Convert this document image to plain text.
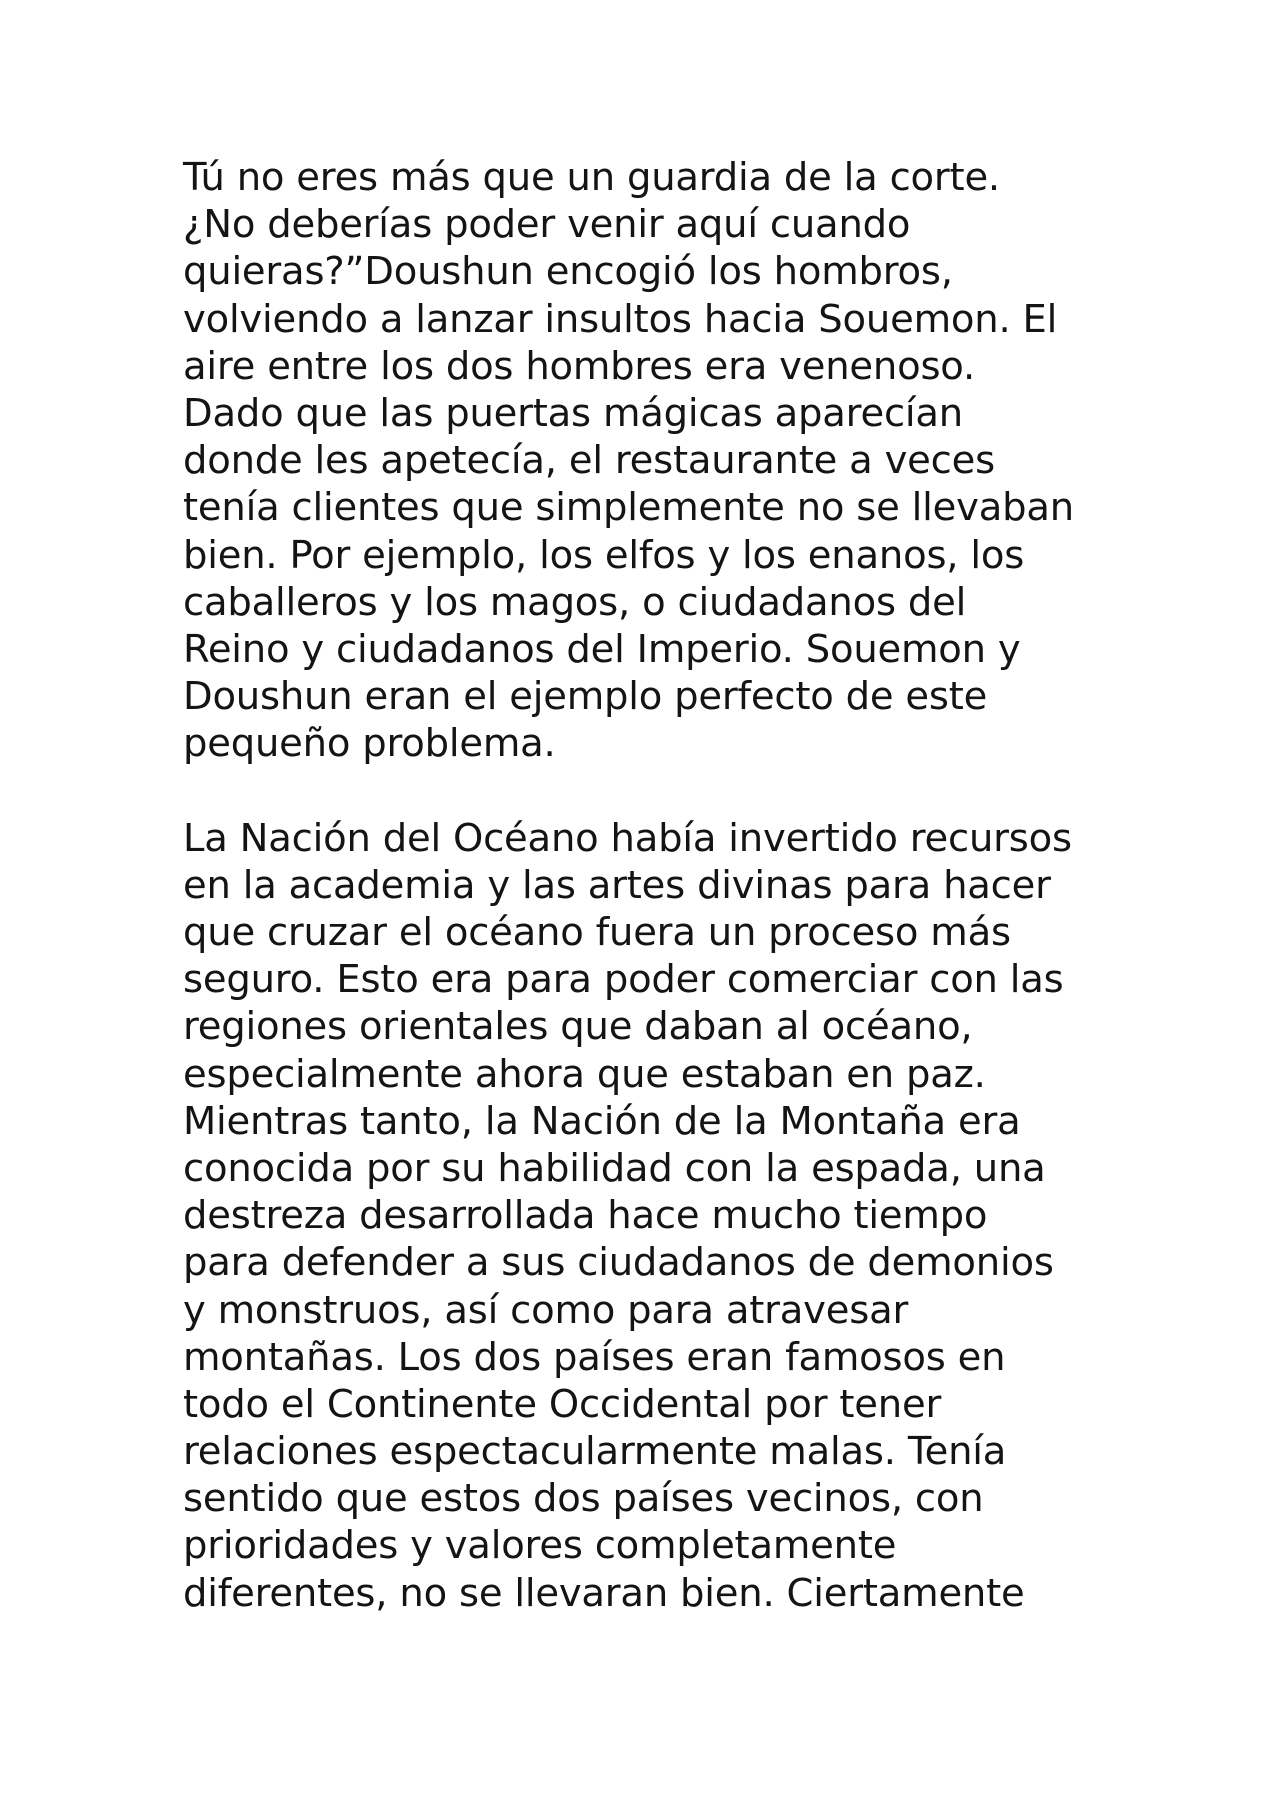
Tú no eres más que un guardia de la corte.
¿No deberías poder venir aquí cuando
quieras?”Doushun encogió los hombros,
volviendo a lanzar insultos hacia Souemon. El
aire entre los dos hombres era venenoso.
Dado que las puertas mágicas aparecían
donde les apetecía, el restaurante a veces
tenía clientes que simplemente no se llevaban
bien. Por ejemplo, los elfos y los enanos, los
caballeros y los magos, o ciudadanos del
Reino y ciudadanos del Imperio. Souemon y
Doushun eran el ejemplo perfecto de este
pequeño problema.
La Nación del Océano había invertido recursos
en la academia y las artes divinas para hacer
que cruzar el océano fuera un proceso más
seguro. Esto era para poder comerciar con las
regiones orientales que daban al océano,
especialmente ahora que estaban en paz.
Mientras tanto, la Nación de la Montaña era
conocida por su habilidad con la espada, una
destreza desarrollada hace mucho tiempo
para defender a sus ciudadanos de demonios
y monstruos, así como para atravesar
montañas. Los dos países eran famosos en
todo el Continente Occidental por tener
relaciones espectacularmente malas. Tenía
sentido que estos dos países vecinos, con
prioridades y valores completamente
diferentes, no se llevaran bien. Ciertamente
